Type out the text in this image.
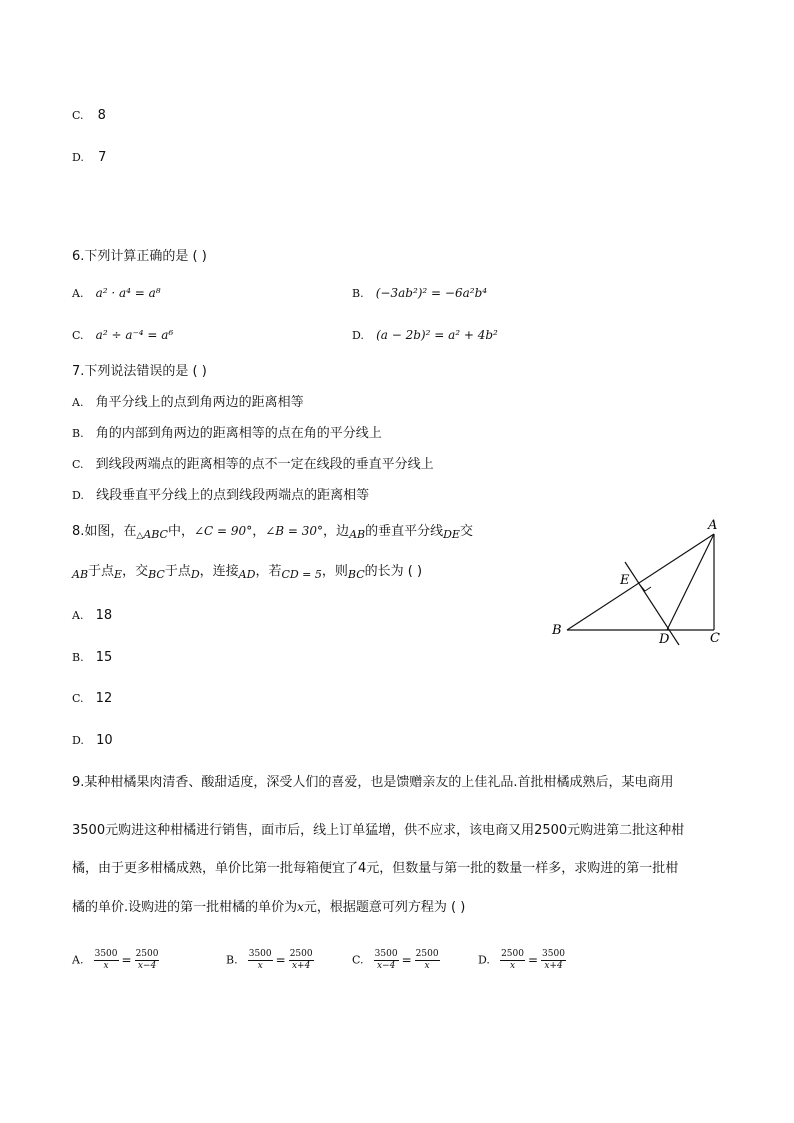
C. 8
D. 7
6.下列计算正确的是 ( )
A. a² · a⁴ = a⁸	B. (−3ab²)² = −6a²b⁴
C. a² ÷ a⁻⁴ = a⁶	D. (a − 2b)² = a² + 4b²
7.下列说法错误的是 ( )
A. 角平分线上的点到角两边的距离相等
B. 角的内部到角两边的距离相等的点在角的平分线上
C. 到线段两端点的距离相等的点不一定在线段的垂直平分线上
D. 线段垂直平分线上的点到线段两端点的距离相等
8.如图，在$_{\triangle ABC}$中，∠C = 90°，∠B = 30°，边$_{AB}$的垂直平分线$_{DE}$交
$_{AB}$于点$_E$，交$_{BC}$于点$_D$，连接$_{AD}$，若$_{CD = 5}$，则$_{BC}$的长为 ( )
A. 18
B. 15
C. 12
D. 10
A
B
C
D
E
9.某种柑橘果肉清香、酸甜适度，深受人们的喜爱，也是馈赠亲友的上佳礼品.首批柑橘成熟后，某电商用
3500元购进这种柑橘进行销售，面市后，线上订单猛增，供不应求，该电商又用2500元购进第二批这种柑
橘，由于更多柑橘成熟，单价比第一批每箱便宜了4元，但数量与第一批的数量一样多，求购进的第一批柑
橘的单价.设购进的第一批柑橘的单价为x元，根据题意可列方程为 ( )
A. $\frac{3500}{x} = \frac{2500}{x-4}$	B. $\frac{3500}{x} = \frac{2500}{x+4}$	C. $\frac{3500}{x-4} = \frac{2500}{x}$	D. $\frac{2500}{x} = \frac{3500}{x+4}$
